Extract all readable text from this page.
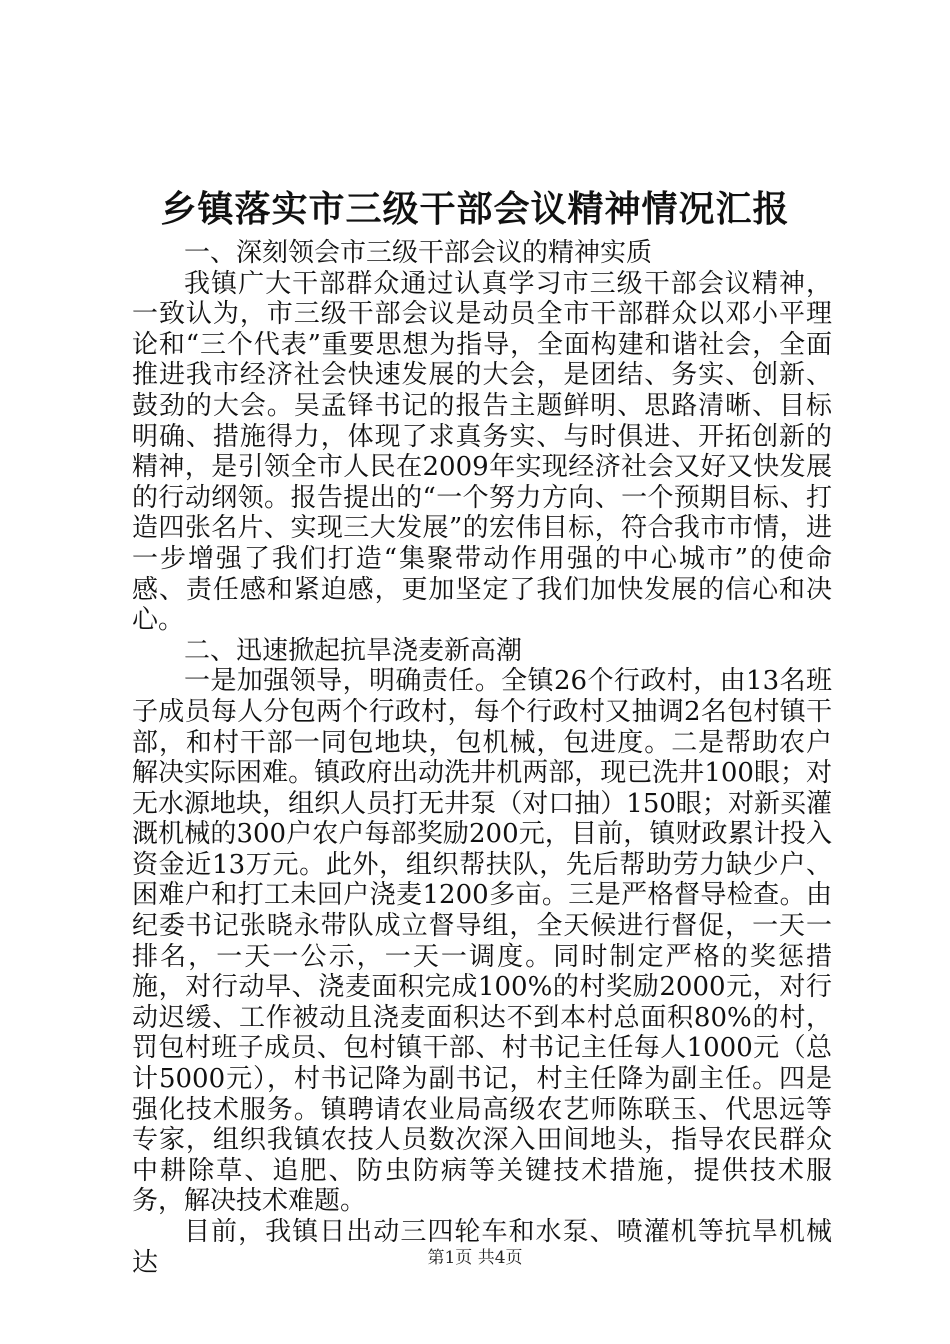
乡镇落实市三级干部会议精神情况汇报

一、深刻领会市三级干部会议的精神实质

我镇广大干部群众通过认真学习市三级干部会议精神，一致认为，市三级干部会议是动员全市干部群众以邓小平理论和“三个代表”重要思想为指导，全面构建和谐社会，全面推进我市经济社会快速发展的大会，是团结、务实、创新、鼓劲的大会。吴孟铎书记的报告主题鲜明、思路清晰、目标明确、措施得力，体现了求真务实、与时俱进、开拓创新的精神，是引领全市人民在2009年实现经济社会又好又快发展的行动纲领。报告提出的“一个努力方向、一个预期目标、打造四张名片、实现三大发展”的宏伟目标，符合我市市情，进一步增强了我们打造“集聚带动作用强的中心城市”的使命感、责任感和紧迫感，更加坚定了我们加快发展的信心和决心。

二、迅速掀起抗旱浇麦新高潮

一是加强领导，明确责任。全镇26个行政村，由13名班子成员每人分包两个行政村，每个行政村又抽调2名包村镇干部，和村干部一同包地块，包机械，包进度。二是帮助农户解决实际困难。镇政府出动洗井机两部，现已洗井100眼；对无水源地块，组织人员打无井泵（对口抽）150眼；对新买灌溉机械的300户农户每部奖励200元，目前，镇财政累计投入资金近13万元。此外，组织帮扶队，先后帮助劳力缺少户、困难户和打工未回户浇麦1200多亩。三是严格督导检查。由纪委书记张晓永带队成立督导组，全天候进行督促，一天一排名，一天一公示，一天一调度。同时制定严格的奖惩措施，对行动早、浇麦面积完成100%的村奖励2000元，对行动迟缓、工作被动且浇麦面积达不到本村总面积80%的村，罚包村班子成员、包村镇干部、村书记主任每人1000元（总计5000元），村书记降为副书记，村主任降为副主任。四是强化技术服务。镇聘请农业局高级农艺师陈联玉、代思远等专家，组织我镇农技人员数次深入田间地头，指导农民群众中耕除草、追肥、防虫防病等关键技术措施，提供技术服务，解决技术难题。

目前，我镇日出动三四轮车和水泵、喷灌机等抗旱机械达	第1页 共4页
